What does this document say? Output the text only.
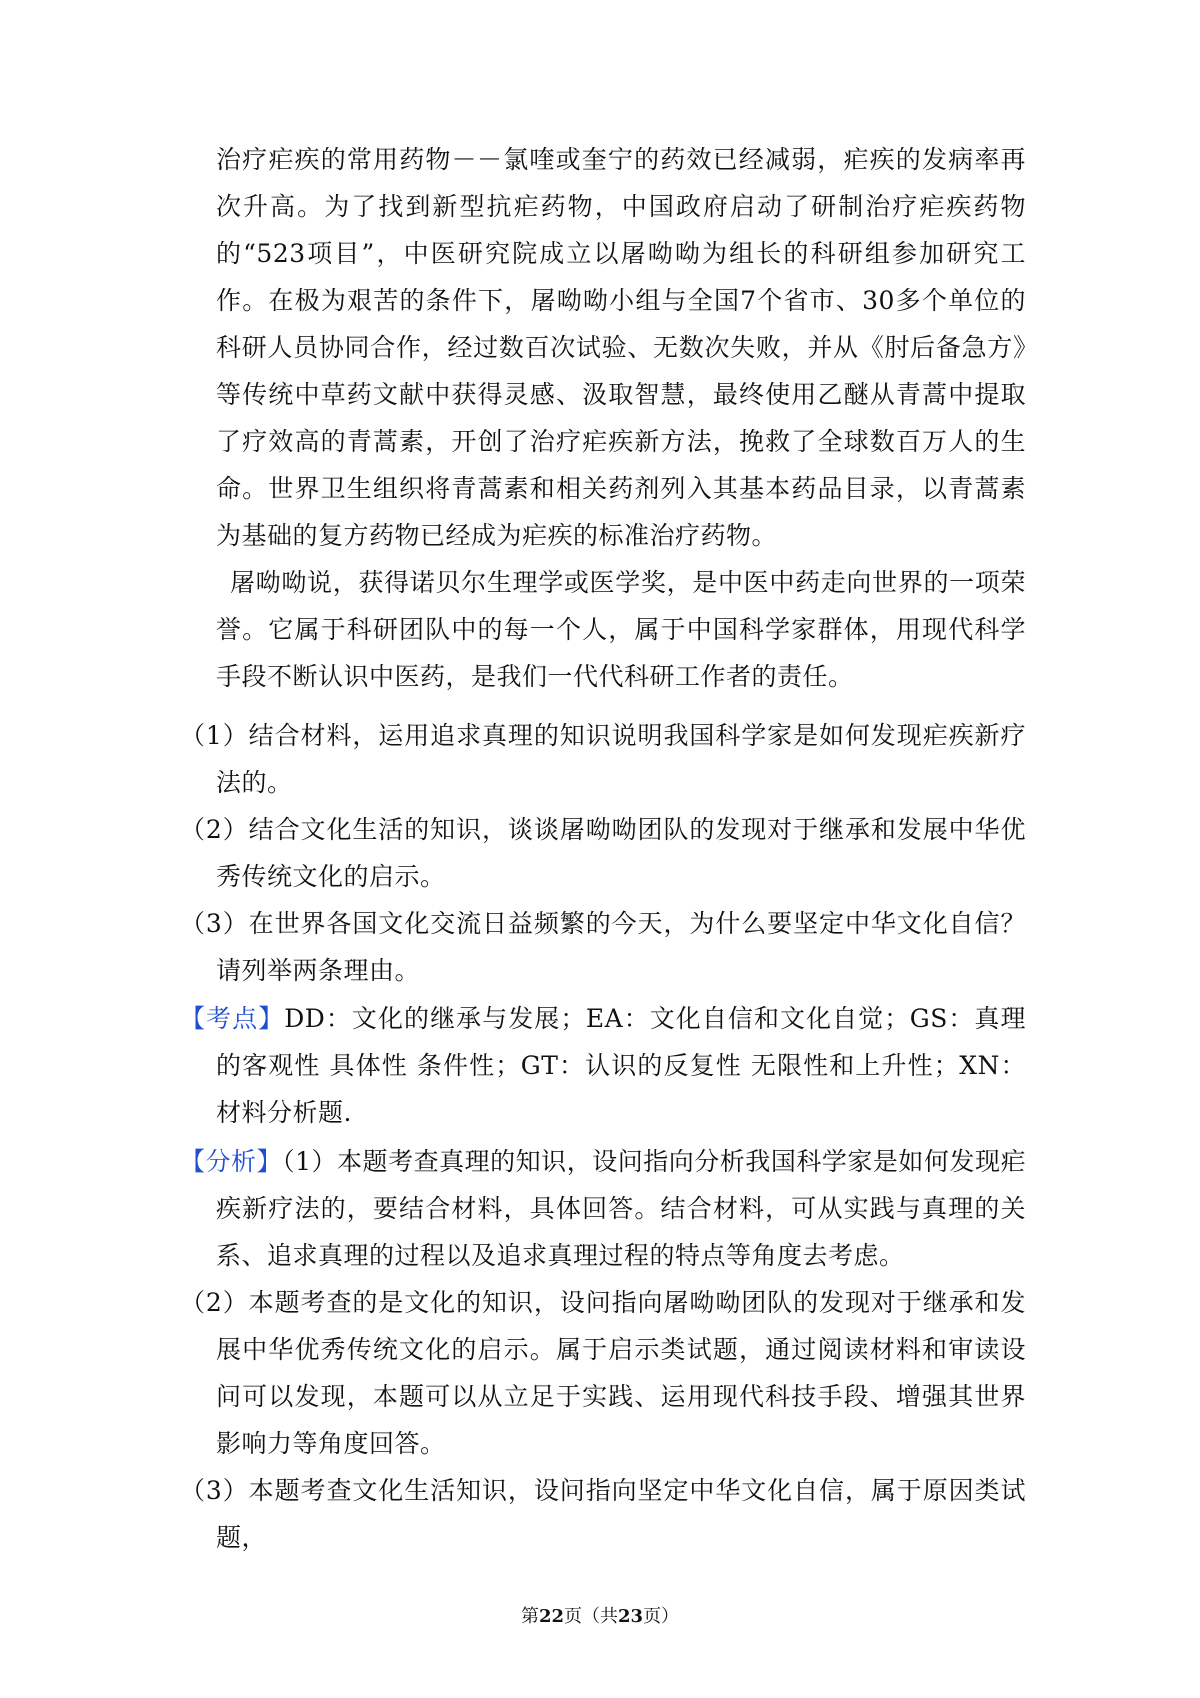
治疗疟疾的常用药物－－氯喹或奎宁的药效已经减弱，疟疾的发病率再次升高。为了找到新型抗疟药物，中国政府启动了研制治疗疟疾药物的“523项目”，中医研究院成立以屠呦呦为组长的科研组参加研究工作。在极为艰苦的条件下，屠呦呦小组与全国7个省市、30多个单位的科研人员协同合作，经过数百次试验、无数次失败，并从《肘后备急方》等传统中草药文献中获得灵感、汲取智慧，最终使用乙醚从青蒿中提取了疗效高的青蒿素，开创了治疗疟疾新方法，挽救了全球数百万人的生命。世界卫生组织将青蒿素和相关药剂列入其基本药品目录，以青蒿素为基础的复方药物已经成为疟疾的标准治疗药物。

屠呦呦说，获得诺贝尔生理学或医学奖，是中医中药走向世界的一项荣誉。它属于科研团队中的每一个人，属于中国科学家群体，用现代科学手段不断认识中医药，是我们一代代科研工作者的责任。

（1）结合材料，运用追求真理的知识说明我国科学家是如何发现疟疾新疗法的。

（2）结合文化生活的知识，谈谈屠呦呦团队的发现对于继承和发展中华优秀传统文化的启示。

（3）在世界各国文化交流日益频繁的今天，为什么要坚定中华文化自信？请列举两条理由。

【考点】DD：文化的继承与发展；EA：文化自信和文化自觉；GS：真理的客观性 具体性 条件性；GT：认识的反复性 无限性和上升性；XN：材料分析题.

【分析】（1）本题考查真理的知识，设问指向分析我国科学家是如何发现疟疾新疗法的，要结合材料，具体回答。结合材料，可从实践与真理的关系、追求真理的过程以及追求真理过程的特点等角度去考虑。

（2）本题考查的是文化的知识，设问指向屠呦呦团队的发现对于继承和发展中华优秀传统文化的启示。属于启示类试题，通过阅读材料和审读设问可以发现，本题可以从立足于实践、运用现代科技手段、增强其世界影响力等角度回答。

（3）本题考查文化生活知识，设问指向坚定中华文化自信，属于原因类试题，

第22页（共23页）
